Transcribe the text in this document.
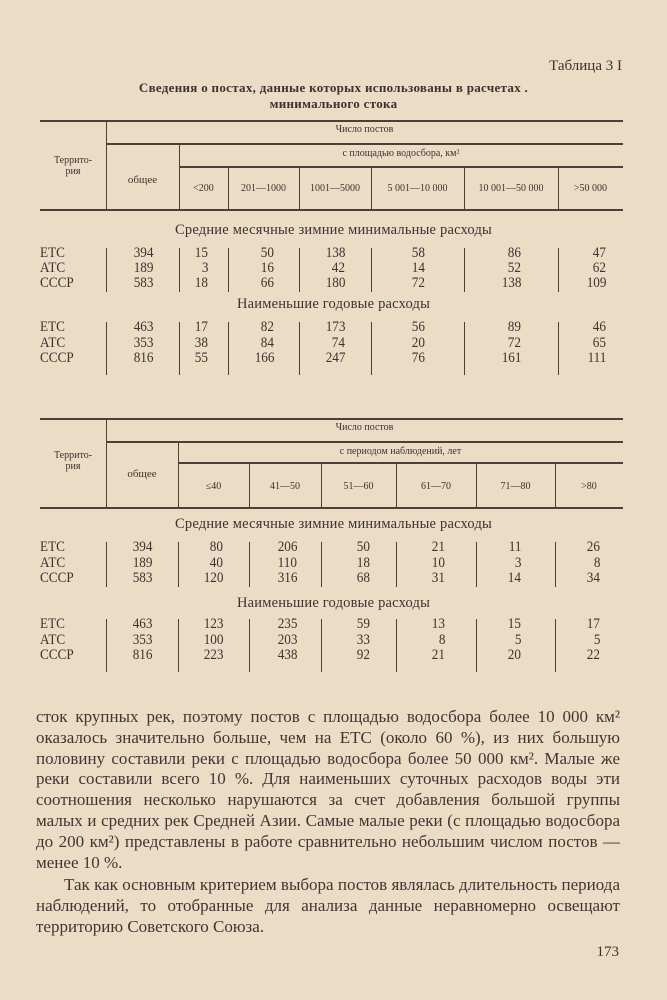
Таблица 3 I
Сведения о постах, данные которых использованы в расчетах .
минимального стока
Террито-
рия
общее
Число постов
с площадью водосбора, км²
<200	201—1000	1001—5000	5 001—10 000	10 001—50 000	>50 000
Средние месячные зимние минимальные расходы
ЕТС	394	15	50	138	58	86	47
АТС	189	3	16	42	14	52	62
СССР	583	18	66	180	72	138	109
Наименьшие годовые расходы
ЕТС	463	17	82	173	56	89	46
АТС	353	38	84	74	20	72	65
СССР	816	55	166	247	76	161	111
Террито-
рия
общее
Число постов
с периодом наблюдений, лет
≤40	41—50	51—60	61—70	71—80	>80
Средние месячные зимние минимальные расходы
ЕТС	394	80	206	50	21	11	26
АТС	189	40	110	18	10	3	8
СССР	583	120	316	68	31	14	34
Наименьшие годовые расходы
ЕТС	463	123	235	59	13	15	17
АТС	353	100	203	33	8	5	5
СССР	816	223	438	92	21	20	22

сток крупных рек, поэтому постов с площадью водосбора более 10 000 км² оказалось значительно больше, чем на ЕТС (около 60 %), из них большую половину составили реки с площадью водосбора более 50 000 км². Малые же реки составили всего 10 %. Для наименьших суточных расходов воды эти соотношения несколько нарушаются за счет добавления большой группы малых и средних рек Средней Азии. Самые малые реки (с площадью водосбора до 200 км²) представлены в работе сравнительно небольшим числом постов — менее 10 %.

Так как основным критерием выбора постов являлась длительность периода наблюдений, то отобранные для анализа данные неравномерно освещают территорию Советского Союза.

173
